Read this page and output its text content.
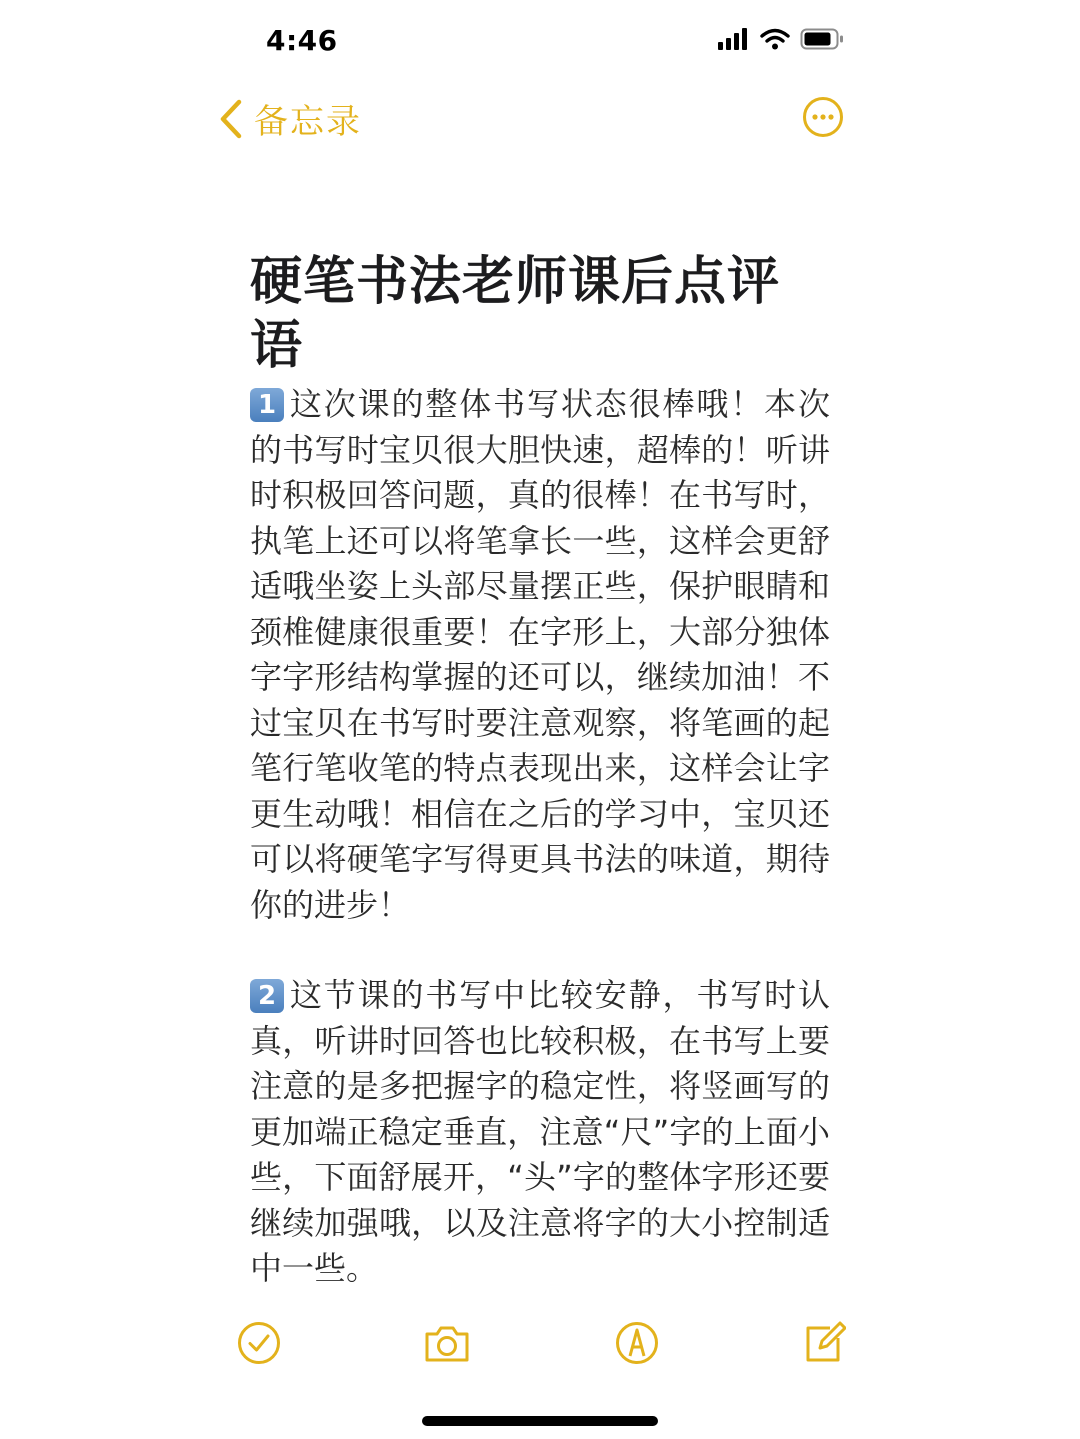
4:46
备忘录
硬笔书法老师课后点评语

1 这次课的整体书写状态很棒哦！本次的书写时宝贝很大胆快速，超棒的！听讲时积极回答问题，真的很棒！在书写时，执笔上还可以将笔拿长一些，这样会更舒适哦坐姿上头部尽量摆正些，保护眼睛和颈椎健康很重要！在字形上，大部分独体字字形结构掌握的还可以，继续加油！不过宝贝在书写时要注意观察，将笔画的起笔行笔收笔的特点表现出来，这样会让字更生动哦！相信在之后的学习中，宝贝还可以将硬笔字写得更具书法的味道，期待你的进步！

2 这节课的书写中比较安静，书写时认真，听讲时回答也比较积极，在书写上要注意的是多把握字的稳定性，将竖画写的更加端正稳定垂直，注意“尺”字的上面小些，下面舒展开，“头”字的整体字形还要继续加强哦，以及注意将字的大小控制适中一些。
